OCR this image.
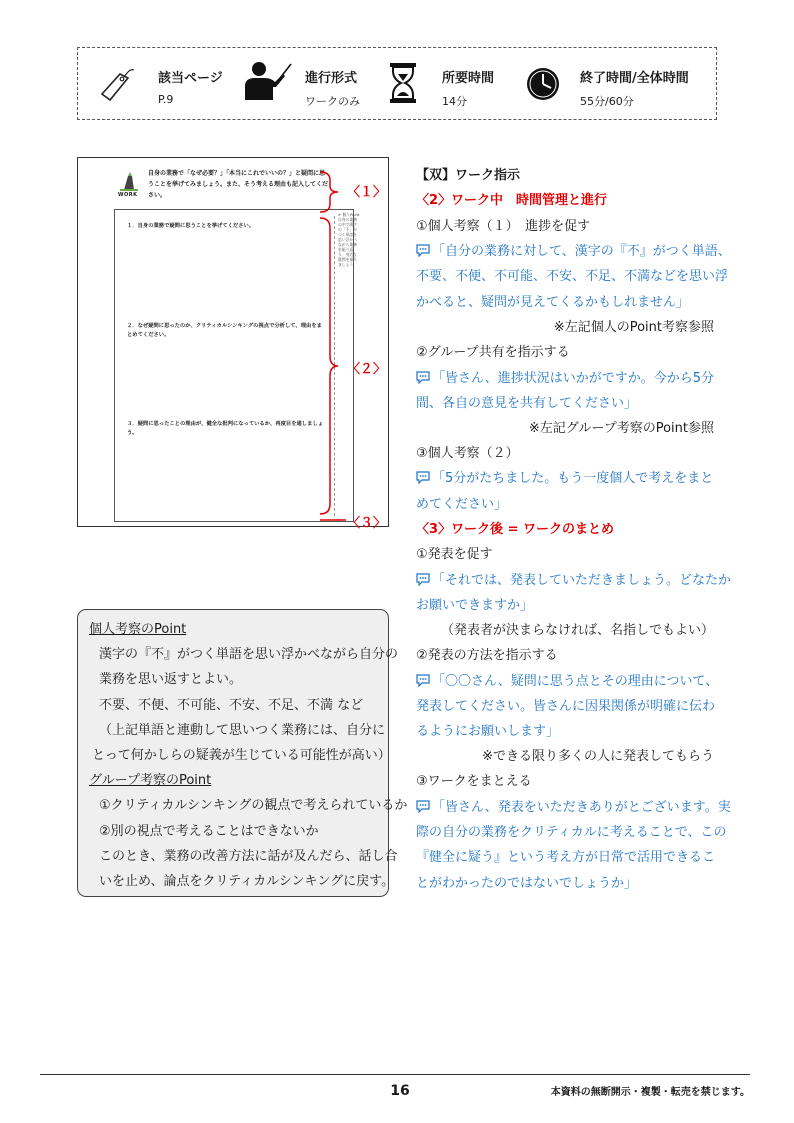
該当ページ
P.9
進行形式
ワークのみ
所要時間
14分
終了時間/全体時間
55分/60分
WORK
自身の業務で「なぜ必要？」「本当にこれでいいの？」と疑問に思うことを挙げてみましょう。また、そう考える理由も記入してください。
１．自身の業務で疑問に思うことを挙げてください。
２．なぜ疑問に思ったのか、クリティカルシンキングの視点で分析して、理由をまとめてください。
３．疑問に思ったことの理由が、健全な批判になっているか、再度目を通しましょう。
✔ 個人Point 自身の業務の中で漢字の「不」がつく単語を思い浮かべながら業務を振り返り、身近な疑問を探りましょう。
〈１〉
〈２〉
〈３〉
個人考察のPoint
漢字の『不』がつく単語を思い浮かべながら自分の
業務を思い返すとよい。
不要、不便、不可能、不安、不足、不満 など
（上記単語と連動して思いつく業務には、自分に
とって何かしらの疑義が生じている可能性が高い）
グループ考察のPoint
①クリティカルシンキングの観点で考えられているか
②別の視点で考えることはできないか
このとき、業務の改善方法に話が及んだら、話し合
いを止め、論点をクリティカルシンキングに戻す。
【双】ワーク指示
〈2〉ワーク中　時間管理と進行
①個人考察（１）　進捗を促す
「自分の業務に対して、漢字の『不』がつく単語、
不要、不便、不可能、不安、不足、不満などを思い浮
かべると、疑問が見えてくるかもしれません」
※左記個人のPoint考察参照
②グループ共有を指示する
「皆さん、進捗状況はいかがですか。今から5分
間、各自の意見を共有してください」
※左記グループ考察のPoint参照
③個人考察（２）
「5分がたちました。もう一度個人で考えをまと
めてください」
〈3〉ワーク後 = ワークのまとめ
①発表を促す
「それでは、発表していただきましょう。どなたか
お願いできますか」
（発表者が決まらなければ、名指しでもよい）
②発表の方法を指示する
「〇〇さん、疑問に思う点とその理由について、
発表してください。皆さんに因果関係が明確に伝わ
るようにお願いします」
※できる限り多くの人に発表してもらう
③ワークをまとえる
「皆さん、発表をいただきありがとございます。実
際の自分の業務をクリティカルに考えることで、この
『健全に疑う』という考え方が日常で活用できるこ
とがわかったのではないでしょうか」
16	本資料の無断開示・複製・転売を禁じます。
